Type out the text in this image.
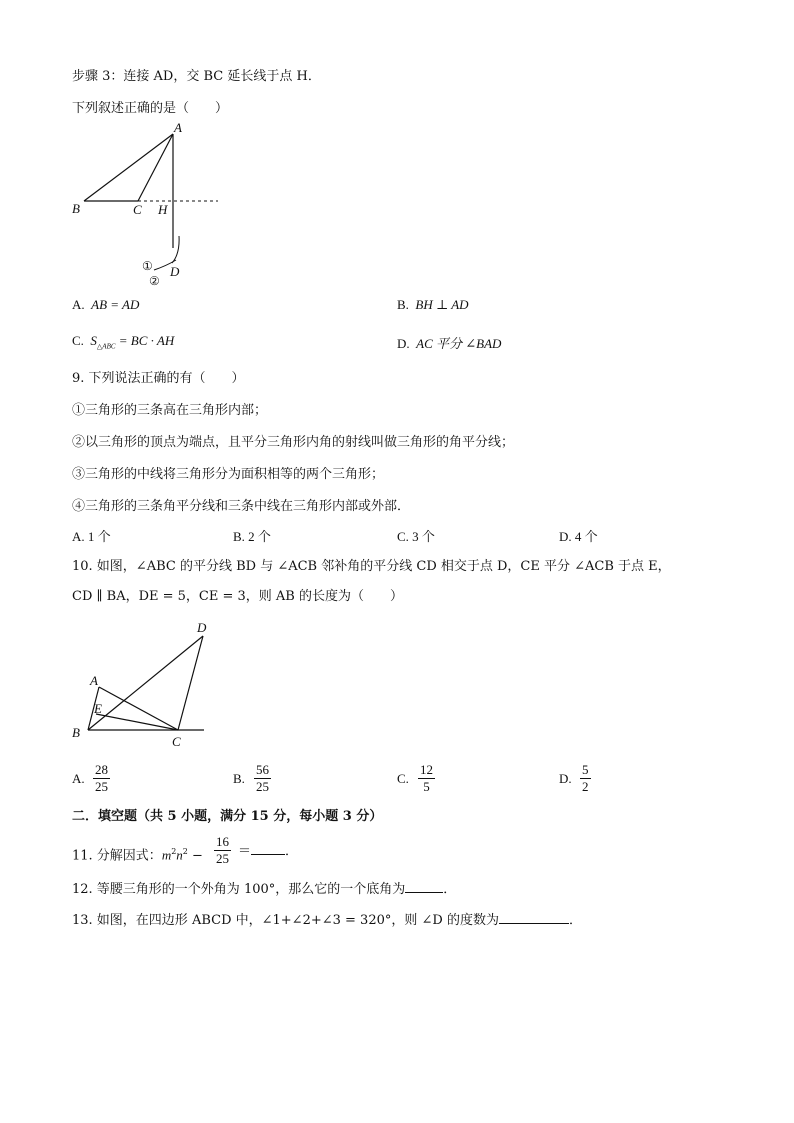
步骤 3：连接 AD，交 BC 延长线于点 H．
下列叙述正确的是（　　）
A
B	C H
D
①
②
A. AB = AD	B. BH ⊥ AD
C. $S_{\triangle ABC}$ = BC · AH	D. AC 平分 ∠BAD
9. 下列说法正确的有（　　）
①三角形的三条高在三角形内部；
②以三角形的顶点为端点，且平分三角形内角的射线叫做三角形的角平分线；
③三角形的中线将三角形分为面积相等的两个三角形；
④三角形的三条角平分线和三条中线在三角形内部或外部．
A. 1 个	B. 2 个	C. 3 个	D. 4 个
10. 如图，∠ABC 的平分线 BD 与 ∠ACB 邻补角的平分线 CD 相交于点 D，CE 平分 ∠ACB 于点 E，
CD ∥ BA，DE = 5，CE = 3，则 AB 的长度为（　　）
D
A
E
B
C
A. $\frac{28}{25}$	B. $\frac{56}{25}$	C. $\frac{12}{5}$	D. $\frac{5}{2}$
二．填空题（共 5 小题，满分 15 分，每小题 3 分）
11. 分解因式：$m^2n^2 - \frac{16}{25}$ ＝	．
12. 等腰三角形的一个外角为 100°，那么它的一个底角为	．
13. 如图，在四边形 ABCD 中，∠1+∠2+∠3 = 320°，则 ∠D 的度数为	．
